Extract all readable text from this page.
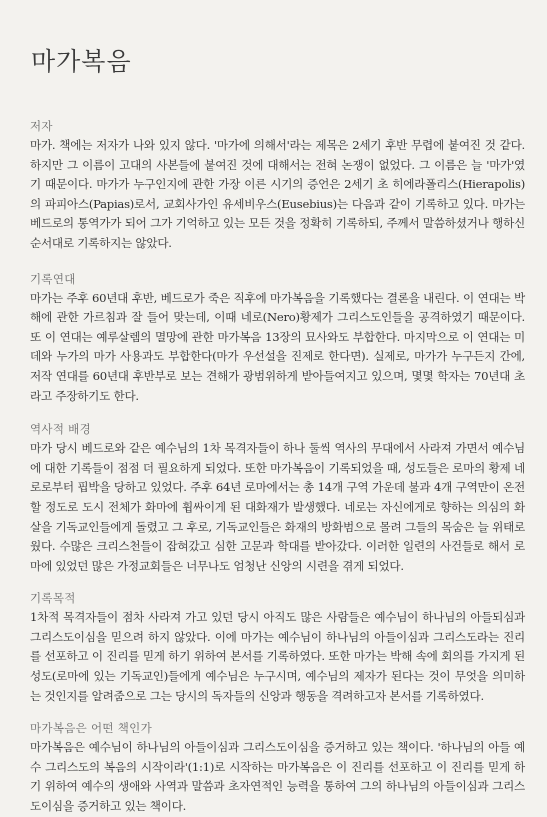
마가복음
저자

마가. 책에는 저자가 나와 있지 않다. '마가에 의해서'라는 제목은 2세기 후반 무렵에 붙여진 것 같다. 하지만 그 이름이 고대의 사본들에 붙여진 것에 대해서는 전혀 논쟁이 없었다. 그 이름은 늘 '마가'였기 때문이다. 마가가 누구인지에 관한 가장 이른 시기의 증언은 2세기 초 히에라폴리스(Hierapolis)의 파피아스(Papias)로서, 교회사가인 유세비우스(Eusebius)는 다음과 같이 기록하고 있다. 마가는 베드로의 통역가가 되어 그가 기억하고 있는 모든 것을 정확히 기록하되, 주께서 말씀하셨거나 행하신 순서대로 기록하지는 않았다.

기록연대

마가는 주후 60년대 후반, 베드로가 죽은 직후에 마가복음을 기록했다는 결론을 내린다. 이 연대는 박해에 관한 가르침과 잘 들어 맞는데, 이때 네로(Nero)황제가 그리스도인들을 공격하였기 때문이다. 또 이 연대는 예루살렘의 멸망에 관한 마가복음 13장의 묘사와도 부합한다. 마지막으로 이 연대는 미데와 누가의 마가 사용과도 부합한다(마가 우선설을 진제로 한다면). 실제로, 마가가 누구든지 간에, 저작 연대를 60년대 후반부로 보는 견해가 광범위하게 받아들여지고 있으며, 몇몇 학자는 70년대 초라고 주장하기도 한다.

역사적 배경

마가 당시 베드로와 같은 예수님의 1차 목격자들이 하나 둘씩 역사의 무대에서 사라져 가면서 예수님에 대한 기록들이 점점 더 필요하게 되었다. 또한 마가복음이 기록되었을 때, 성도들은 로마의 황제 네로로부터 핍박을 당하고 있었다. 주후 64년 로마에서는 총 14개 구역 가운데 불과 4개 구역만이 온전할 정도로 도시 전체가 화마에 휩싸이게 된 대화재가 발생했다. 네로는 자신에게로 향하는 의심의 화살을 기독교인들에게 돌렸고 그 후로, 기독교인들은 화재의 방화범으로 몰려 그들의 목숨은 늘 위태로웠다. 수많은 크리스천들이 잡혀갔고 심한 고문과 학대를 받아갔다. 이러한 일련의 사건들로 해서 로마에 있었던 많은 가정교회들은 너무나도 엄청난 신앙의 시련을 겪게 되었다.

기록목적

1차적 목격자들이 점차 사라져 가고 있던 당시 아직도 많은 사람들은 예수님이 하나님의 아들되심과 그리스도이심을 믿으려 하지 않았다. 이에 마가는 예수님이 하나님의 아들이심과 그리스도라는 진리를 선포하고 이 진리를 믿게 하기 위하여 본서를 기록하였다. 또한 마가는 박해 속에 회의를 가지게 된 성도(로마에 있는 기독교인)들에게 예수님은 누구시며, 예수님의 제자가 된다는 것이 무엇을 의미하는 것인지를 알려줌으로 그는 당시의 독자들의 신앙과 행동을 격려하고자 본서를 기록하였다.

마가복음은 어떤 책인가

마가복음은 예수님이 하나님의 아들이심과 그리스도이심을 증거하고 있는 책이다. '하나님의 아들 예수 그리스도의 복음의 시작이라'(1:1)로 시작하는 마가복음은 이 진리를 선포하고 이 진리를 믿게 하기 위하여 예수의 생애와 사역과 말씀과 초자연적인 능력을 통하여 그의 하나님의 아들이심과 그리스도이심을 증거하고 있는 책이다.
